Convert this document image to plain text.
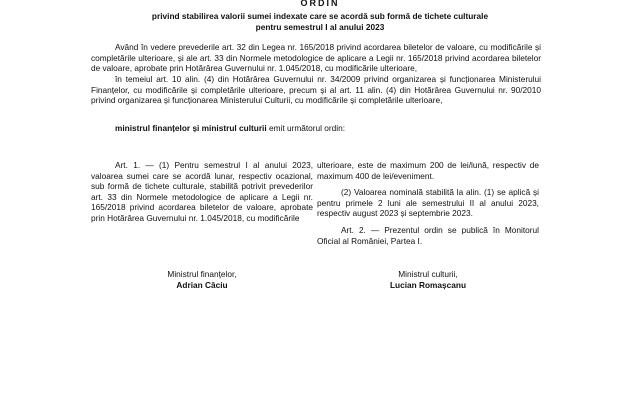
ORDIN
privind stabilirea valorii sumei indexate care se acordă sub formă de tichete culturale
pentru semestrul I al anului 2023
Având în vedere prevederile art. 32 din Legea nr. 165/2018 privind acordarea biletelor de valoare, cu modificările și completările ulterioare, și ale art. 33 din Normele metodologice de aplicare a Legii nr. 165/2018 privind acordarea biletelor de valoare, aprobate prin Hotărârea Guvernului nr. 1.045/2018, cu modificările ulterioare,
în temeiul art. 10 alin. (4) din Hotărârea Guvernului nr. 34/2009 privind organizarea și funcționarea Ministerului Finanțelor, cu modificările și completările ulterioare, precum și al art. 11 alin. (4) din Hotărârea Guvernului nr. 90/2010 privind organizarea și funcționarea Ministerului Culturii, cu modificările și completările ulterioare,
ministrul finanțelor și ministrul culturii emit următorul ordin:

Art. 1. — (1) Pentru semestrul I al anului 2023, valoarea sumei care se acordă lunar, respectiv ocazional, sub formă de tichete culturale, stabilită potrivit prevederilor art. 33 din Normele metodologice de aplicare a Legii nr. 165/2018 privind acordarea biletelor de valoare, aprobate prin Hotărârea Guvernului nr. 1.045/2018, cu modificările

ulterioare, este de maximum 200 de lei/lună, respectiv de maximum 400 de lei/eveniment.

(2) Valoarea nominală stabilită la alin. (1) se aplică și pentru primele 2 luni ale semestrului II al anului 2023, respectiv august 2023 și septembrie 2023.

Art. 2. — Prezentul ordin se publică în Monitorul Oficial al României, Partea I.

Ministrul finanțelor,
Adrian Câciu
Ministrul culturii,
Lucian Romașcanu
